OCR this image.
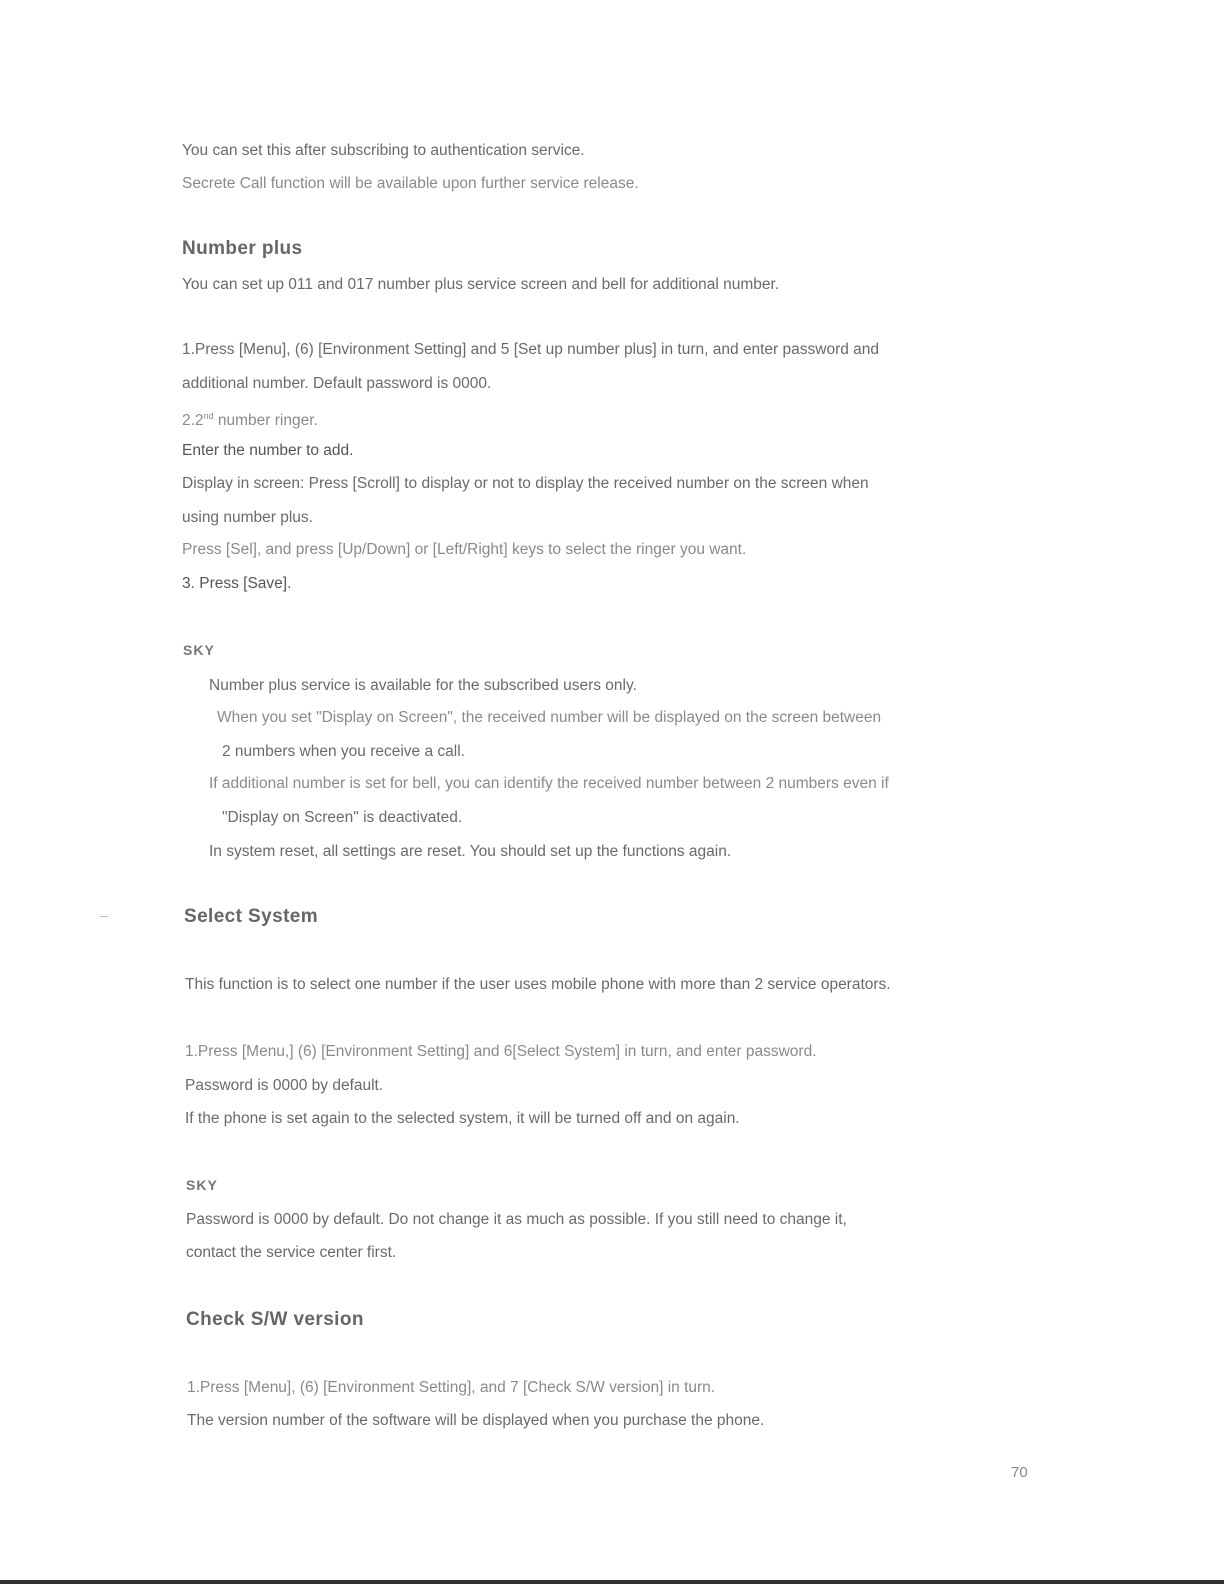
You can set this after subscribing to authentication service.
Secrete Call function will be available upon further service release.
Number plus
You can set up 011 and 017 number plus service screen and bell for additional number.
1.Press [Menu], (6) [Environment Setting] and 5 [Set up number plus] in turn, and enter password and
additional number. Default password is 0000.
2.2nd number ringer.
Enter the number to add.
Display in screen: Press [Scroll] to display or not to display the received number on the screen when
using number plus.
Press [Sel], and press [Up/Down] or [Left/Right] keys to select the ringer you want.
3. Press [Save].
SKY
Number plus service is available for the subscribed users only.
When you set "Display on Screen", the received number will be displayed on the screen between
2 numbers when you receive a call.
If additional number is set for bell, you can identify the received number between 2 numbers even if
"Display on Screen" is deactivated.
In system reset, all settings are reset. You should set up the functions again.
Select System
This function is to select one number if the user uses mobile phone with more than 2 service operators.
1.Press [Menu,] (6) [Environment Setting] and 6[Select System] in turn, and enter password.
Password is 0000 by default.
If the phone is set again to the selected system, it will be turned off and on again.
SKY
Password is 0000 by default. Do not change it as much as possible. If you still need to change it,
contact the service center first.
Check S/W version
1.Press [Menu], (6) [Environment Setting], and 7 [Check S/W version] in turn.
The version number of the software will be displayed when you purchase the phone.
70
